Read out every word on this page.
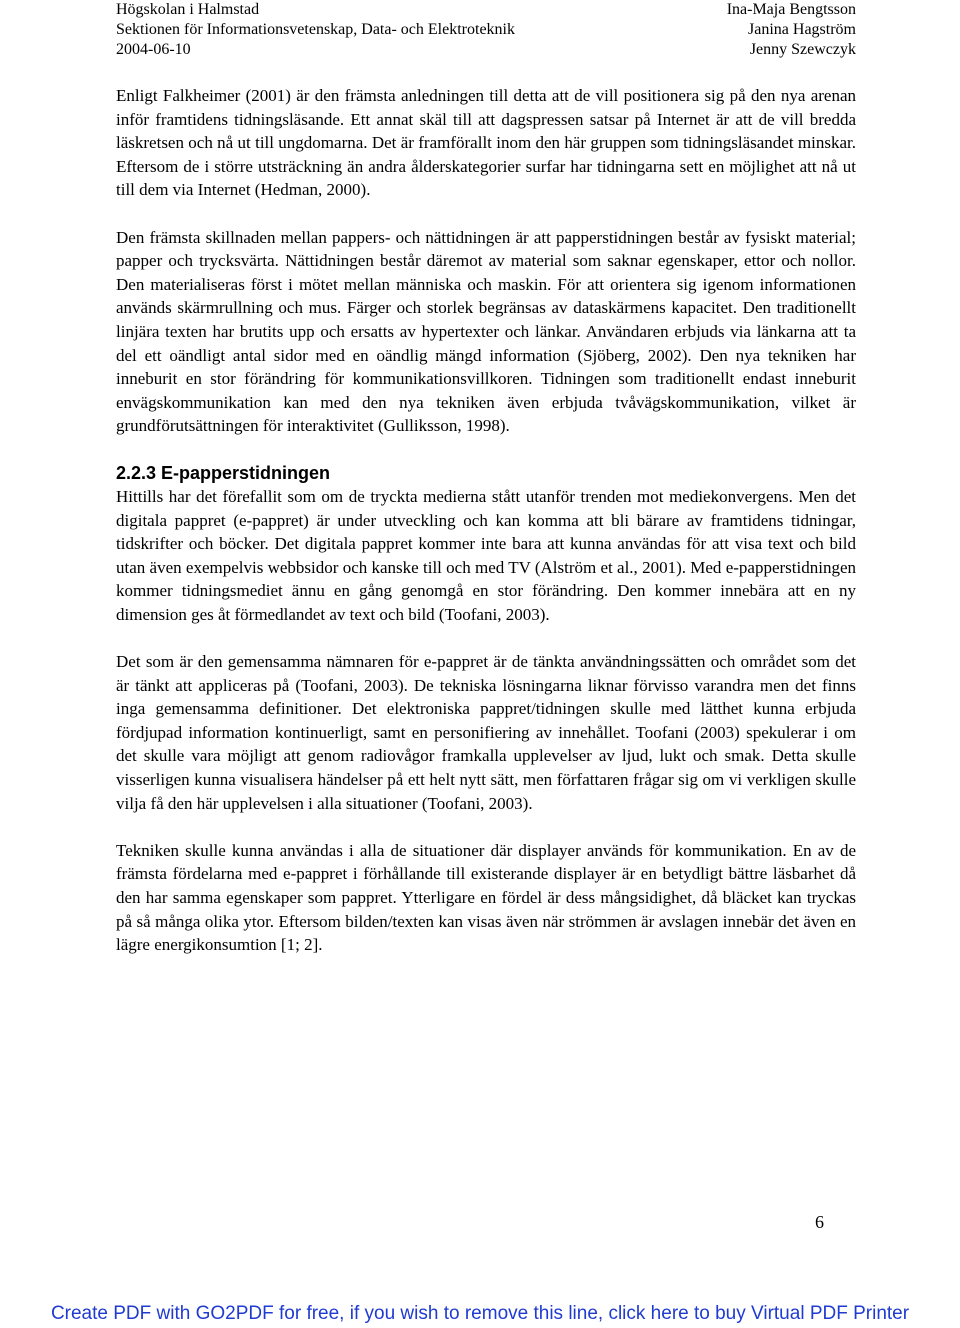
Högskolan i Halmstad
Sektionen för Informationsvetenskap, Data- och Elektroteknik
2004-06-10
Ina-Maja Bengtsson
Janina Hagström
Jenny Szewczyk

Enligt Falkheimer (2001) är den främsta anledningen till detta att de vill positionera sig på den nya arenan inför framtidens tidningsläsande. Ett annat skäl till att dagspressen satsar på Internet är att de vill bredda läskretsen och nå ut till ungdomarna. Det är framförallt inom den här gruppen som tidningsläsandet minskar. Eftersom de i större utsträckning än andra ålderskategorier surfar har tidningarna sett en möjlighet att nå ut till dem via Internet (Hedman, 2000).

Den främsta skillnaden mellan pappers- och nättidningen är att papperstidningen består av fysiskt material; papper och trycksvärta. Nättidningen består däremot av material som saknar egenskaper, ettor och nollor. Den materialiseras först i mötet mellan människa och maskin. För att orientera sig igenom informationen används skärmrullning och mus. Färger och storlek begränsas av dataskärmens kapacitet. Den traditionellt linjära texten har brutits upp och ersatts av hypertexter och länkar. Användaren erbjuds via länkarna att ta del ett oändligt antal sidor med en oändlig mängd information (Sjöberg, 2002). Den nya tekniken har inneburit en stor förändring för kommunikationsvillkoren. Tidningen som traditionellt endast inneburit envägskommunikation kan med den nya tekniken även erbjuda tvåvägskommunikation, vilket är grundförutsättningen för interaktivitet (Gulliksson, 1998).

2.2.3 E-papperstidningen

Hittills har det förefallit som om de tryckta medierna stått utanför trenden mot mediekonvergens. Men det digitala pappret (e-pappret) är under utveckling och kan komma att bli bärare av framtidens tidningar, tidskrifter och böcker. Det digitala pappret kommer inte bara att kunna användas för att visa text och bild utan även exempelvis webbsidor och kanske till och med TV (Alström et al., 2001). Med e-papperstidningen kommer tidningsmediet ännu en gång genomgå en stor förändring. Den kommer innebära att en ny dimension ges åt förmedlandet av text och bild (Toofani, 2003).

Det som är den gemensamma nämnaren för e-pappret är de tänkta användningssätten och området som det är tänkt att appliceras på (Toofani, 2003). De tekniska lösningarna liknar förvisso varandra men det finns inga gemensamma definitioner. Det elektroniska pappret/tidningen skulle med lätthet kunna erbjuda fördjupad information kontinuerligt, samt en personifiering av innehållet. Toofani (2003) spekulerar i om det skulle vara möjligt att genom radiovågor framkalla upplevelser av ljud, lukt och smak. Detta skulle visserligen kunna visualisera händelser på ett helt nytt sätt, men författaren frågar sig om vi verkligen skulle vilja få den här upplevelsen i alla situationer (Toofani, 2003).

Tekniken skulle kunna användas i alla de situationer där displayer används för kommunikation. En av de främsta fördelarna med e-pappret i förhållande till existerande displayer är en betydligt bättre läsbarhet då den har samma egenskaper som pappret. Ytterligare en fördel är dess mångsidighet, då bläcket kan tryckas på så många olika ytor. Eftersom bilden/texten kan visas även när strömmen är avslagen innebär det även en lägre energikonsumtion [1; 2].

6
Create PDF with GO2PDF for free, if you wish to remove this line, click here to buy Virtual PDF Printer
